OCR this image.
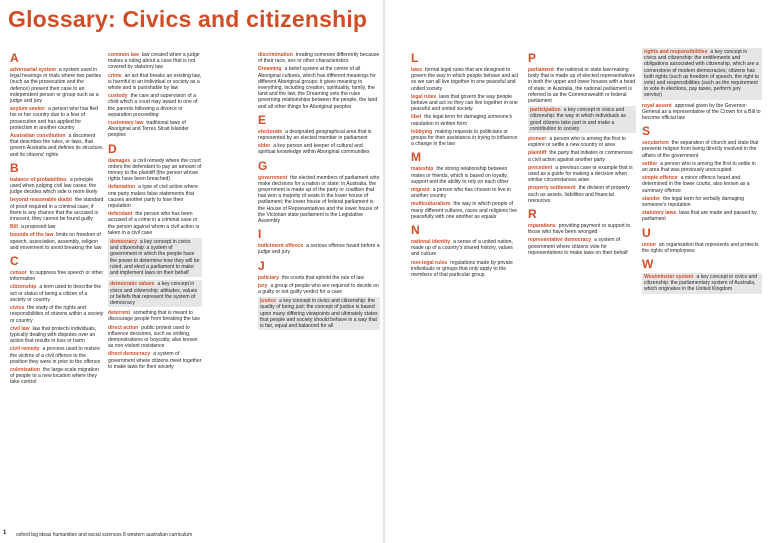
Glossary: Civics and citizenship
A
adversarial system a system used in legal hearings or trials where two parties (such as the prosecution and the defence) present their case to an independent person or group such as a judge and jury
asylum seeker a person who has fled his or her country due to a fear of prosecution and has applied for protection in another country
Australian constitution a document that describes the rules, or laws, that govern Australia and defines its structure, and its citizens' rights
B
balance of probabilities a principle used when judging civil law cases; the judge decides which side is more likely
beyond reasonable doubt the standard of proof required in a criminal case; if there is any chance that the accused is innocent, they cannot be found guilty
Bill a proposed law
bounds of the law limits on freedom of speech, association, assembly, religion and movement to avoid breaking the law
C
censor to suppress free speech or other information
citizenship a term used to describe the act or status of being a citizen of a society or country
civics the study of the rights and responsibilities of citizens within a society or country
civil law law that protects individuals, typically dealing with disputes over an action that results in loss or harm
civil remedy a process used to restore the victims of a civil offence to the position they were in prior to the offence
colonisation the large-scale migration of people to a new location where they take control
common law law created when a judge makes a ruling about a case that is not covered by statutory law
crime an act that breaks an existing law, is harmful to an individual or society as a whole and is punishable by law
custody the care and supervision of a child which a court may award to one of the parents following a divorce or separation proceeding
customary law traditional laws of Aboriginal and Torres Strait Islander peoples
D
damages a civil remedy where the court orders the defendant to pay an amount of money to the plaintiff (the person whose rights have been breached)
defamation a type of civil action where one party makes false statements that causes another party to lose their reputation
defendant the person who has been accused of a crime in a criminal case or the person against whom a civil action is taken in a civil case
democracy a key concept in civics and citizenship: a system of government in which the people have the power to determine how they will be ruled, and elect a parliament to make and implement laws on their behalf
democratic values a key concept in civics and citizenship: attitudes, values or beliefs that represent the system of democracy
deterrent something that is meant to discourage people from breaking the law
direct action public protest used to influence decisions, such as striking, demonstrations or boycotts; also known as non-violent resistance
direct democracy a system of government where citizens meet together to make laws for their society
discrimination treating someone differently because of their race, sex or other characteristics
Dreaming a belief system at the centre of all Aboriginal cultures, which has different meanings for different Aboriginal groups; it gives meaning to everything, including creation, spirituality, family, the land and the law; the Dreaming sets the rules governing relationships between the people, the land and all other things for Aboriginal peoples
E
electorate a designated geographical area that is represented by an elected member in parliament
elder a key person and keeper of cultural and spiritual knowledge within Aboriginal communities
G
government the elected members of parliament who make decisions for a nation or state; in Australia, the government is made up of the party or coalition that has won a majority of seats in the lower house of parliament; the lower house of federal parliament is the House of Representatives and the lower house of the Victorian state parliament is the Legislative Assembly
I
indictment offence a serious offence heard before a judge and jury
J
judiciary the courts that uphold the rule of law
jury a group of people who are required to decide on a guilty or not guilty verdict for a case
justice a key concept in civics and citizenship: the quality of being just; the concept of justice is based upon many differing viewpoints and ultimately states that people and society should behave in a way that is fair, equal and balanced for all
L
laws formal legal rules that are designed to govern the way in which people behave and act so we can all live together in one peaceful and united society
legal rules laws that govern the way people behave and act so they can live together in one peaceful and united society
libel the legal term for damaging someone's reputation in written form
lobbying making requests to politicians or groups for their assistance in trying to influence a change in the law
M
mateship the strong relationship between mates or friends, which is based on loyalty, support and the ability to rely on each other
migrant a person who has chosen to live in another country
multiculturalism the way in which people of many different cultures, races and religions live peacefully with one another as equals
N
national identity a sense of a united nation, made up of a country's shared history, values and culture
non-legal rules regulations made by private individuals or groups that only apply to the members of that particular group
P
parliament the national or state law-making body that is made up of elected representatives in both the upper and lower houses with a head of state; in Australia, the national parliament is referred to as the Commonwealth or federal parliament
participation a key concept in civics and citizenship: the way in which individuals as good citizens take part in and make a contribution to society
pioneer a person who is among the first to explore or settle a new country or area
plaintiff the party that initiates or commences a civil action against another party
precedent a previous case or example that is used as a guide for making a decision when similar circumstances arise
property settlement the division of property such as assets, liabilities and financial resources
R
reparations providing payment or support to those who have been wronged
representative democracy a system of government where citizens vote for representatives to make laws on their behalf
rights and responsibilities a key concept in civics and citizenship: the entitlements and obligations associated with citizenship, which are a cornerstone of modern democracies; citizens has both rights (such as freedom of speech, the right to vote) and responsibilities (such as the requirement to vote in elections, pay taxes, perform jury service)
royal assent approval given by the Governor-General as a representative of the Crown for a Bill to become official law
S
secularism the separation of church and state that prevents religion from being directly involved in the affairs of the government
settler a person who is among the first to settle in an area that was previously unoccupied
simple offence a minor offence heard and determined in the lower courts, also known as a summary offence
slander the legal term for verbally damaging someone's reputation
statutory laws laws that are made and passed by parliament
U
union an organisation that represents and protects the rights of employees
W
Westminster system a key concept in civics and citizenship: the parliamentary system of Australia, which originates in the United Kingdom
1	oxford big ideas humanities and social sciences 8 western australian curriculum
